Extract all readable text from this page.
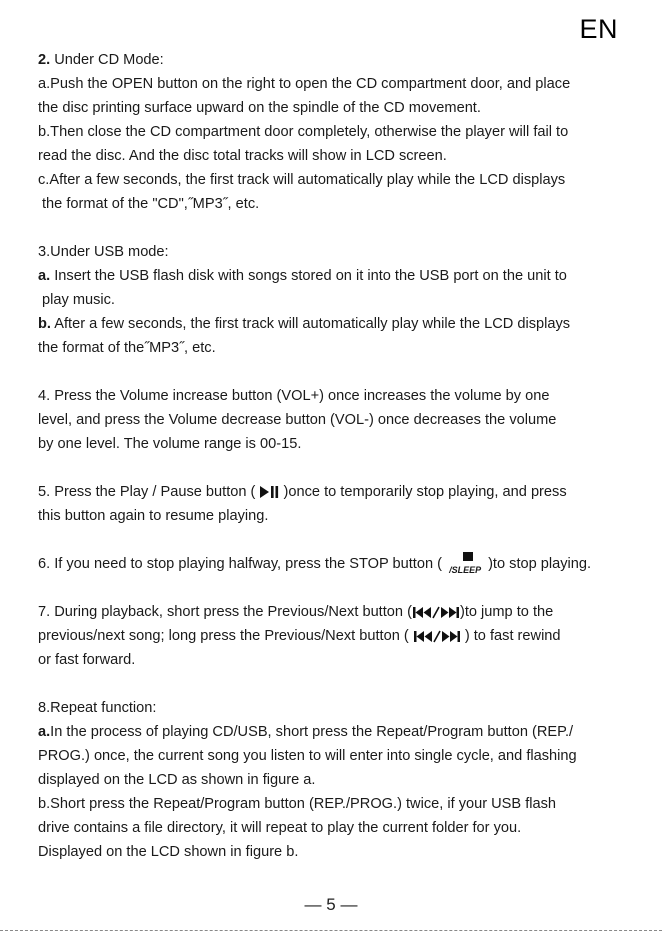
EN
2. Under CD Mode:
a.Push the OPEN button on the right to open the CD compartment door, and place
the disc printing surface upward on the spindle of the CD movement.
b.Then close the CD compartment door completely, otherwise the player will fail to
read the disc. And the disc total tracks will show in LCD screen.
c.After a few seconds, the first track will automatically play while the LCD displays
the format of the "CD",˝MP3˝, etc.
3.Under USB mode:
a. Insert the USB flash disk with songs stored on it into the USB port on the unit to
play music.
b. After a few seconds, the first track will automatically play while the LCD displays
the format of the˝MP3˝, etc.
4. Press the Volume increase button (VOL+) once increases the volume by one
level, and press the Volume decrease button (VOL-) once decreases the volume
by one level. The volume range is 00-15.
5. Press the Play / Pause button (  )once to temporarily stop playing, and press
this button again to resume playing.
6. If you need to stop playing halfway, press the STOP button ( /SLEEP )to stop playing.
7. During playback, short press the Previous/Next button (	)to jump to the
previous/next song; long press the Previous/Next button (	) to fast rewind
or fast forward.
8.Repeat function:
a.In the process of playing CD/USB, short press the Repeat/Program button (REP./
PROG.) once, the current song you listen to will enter into single cycle, and flashing
displayed on the LCD as shown in figure a.
b.Short press the Repeat/Program button (REP./PROG.) twice, if your USB flash
drive contains a file directory, it will repeat to play the current folder for you.
Displayed on the LCD shown in figure b.
— 5 —
